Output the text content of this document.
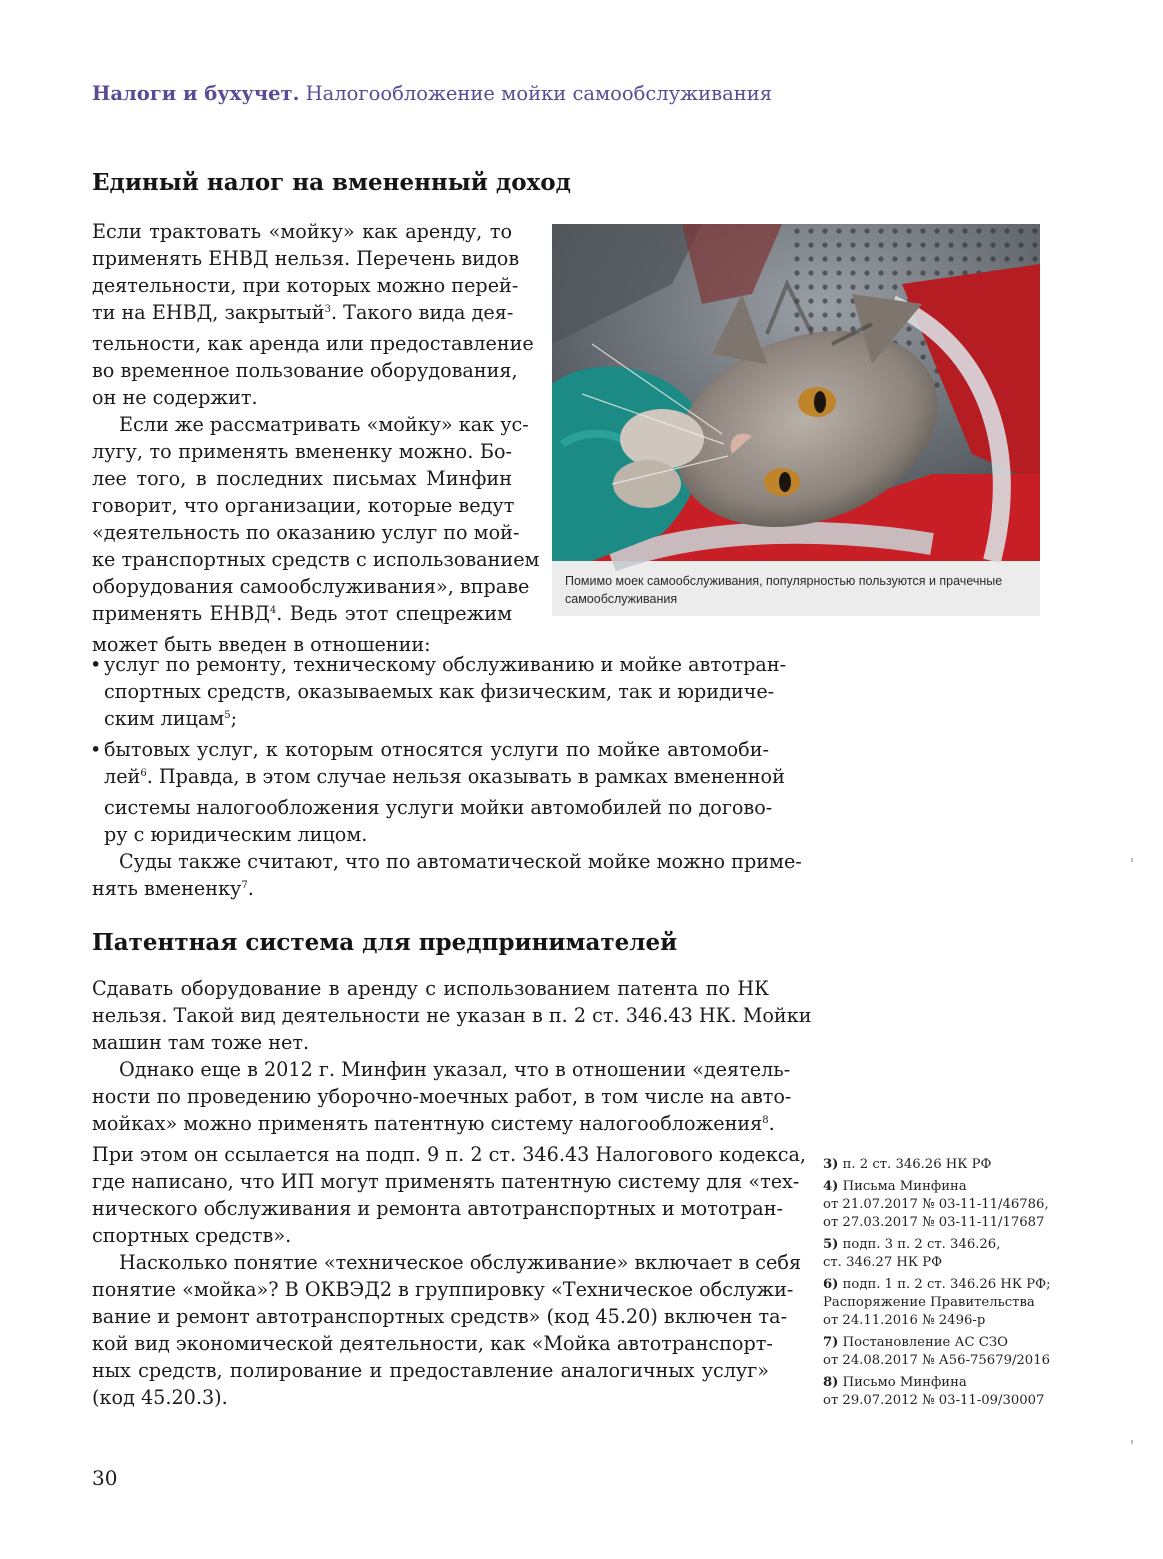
Налоги и бухучет. Налогообложение мойки самообслуживания
Единый налог на вмененный доход

Если трактовать «мойку» как аренду, то
применять ЕНВД нельзя. Перечень видов
деятельности, при которых можно перей-
ти на ЕНВД, закрытый$^3$. Такого вида дея-
тельности, как аренда или предоставление
во временное пользование оборудования,
он не содержит.

Если же рассматривать «мойку» как ус-
лугу, то применять вмененку можно. Бо-
лее того, в последних письмах Минфин
говорит, что организации, которые ведут
«деятельность по оказанию услуг по мой-
ке транспортных средств с использованием
оборудования самообслуживания», вправе
применять ЕНВД$^4$. Ведь этот спецрежим
может быть введен в отношении:

Помимо моек самообслуживания, популярностью пользуются и прачечные
самообслуживания
• услуг по ремонту, техническому обслуживанию и мойке автотран-
спортных средств, оказываемых как физическим, так и юридиче-
ским лицам$^5$;
• бытовых услуг, к которым относятся услуги по мойке автомоби-
лей$^6$. Правда, в этом случае нельзя оказывать в рамках вмененной
системы налогообложения услуги мойки автомобилей по догово-
ру с юридическим лицом.

Суды также считают, что по автоматической мойке можно приме-
нять вмененку$^7$.

Патентная система для предпринимателей

Сдавать оборудование в аренду с использованием патента по НК
нельзя. Такой вид деятельности не указан в п. 2 ст. 346.43 НК. Мойки
машин там тоже нет.

Однако еще в 2012 г. Минфин указал, что в отношении «деятель-
ности по проведению уборочно-моечных работ, в том числе на авто-
мойках» можно применять патентную систему налогообложения$^8$.
При этом он ссылается на подп. 9 п. 2 ст. 346.43 Налогового кодекса,
где написано, что ИП могут применять патентную систему для «тех-
нического обслуживания и ремонта автотранспортных и мототран-
спортных средств».

Насколько понятие «техническое обслуживание» включает в себя
понятие «мойка»? В ОКВЭД2 в группировку «Техническое обслужи-
вание и ремонт автотранспортных средств» (код 45.20) включен та-
кой вид экономической деятельности, как «Мойка автотранспорт-
ных средств, полирование и предоставление аналогичных услуг»
(код 45.20.3).

3) п. 2 ст. 346.26 НК РФ
4) Письма Минфина
от 21.07.2017 № 03-11-11/46786,
от 27.03.2017 № 03-11-11/17687
5) подп. 3 п. 2 ст. 346.26,
ст. 346.27 НК РФ
6) подп. 1 п. 2 ст. 346.26 НК РФ;
Распоряжение Правительства
от 24.11.2016 № 2496-р
7) Постановление АС СЗО
от 24.08.2017 № А56-75679/2016
8) Письмо Минфина
от 29.07.2012 № 03-11-09/30007
30
